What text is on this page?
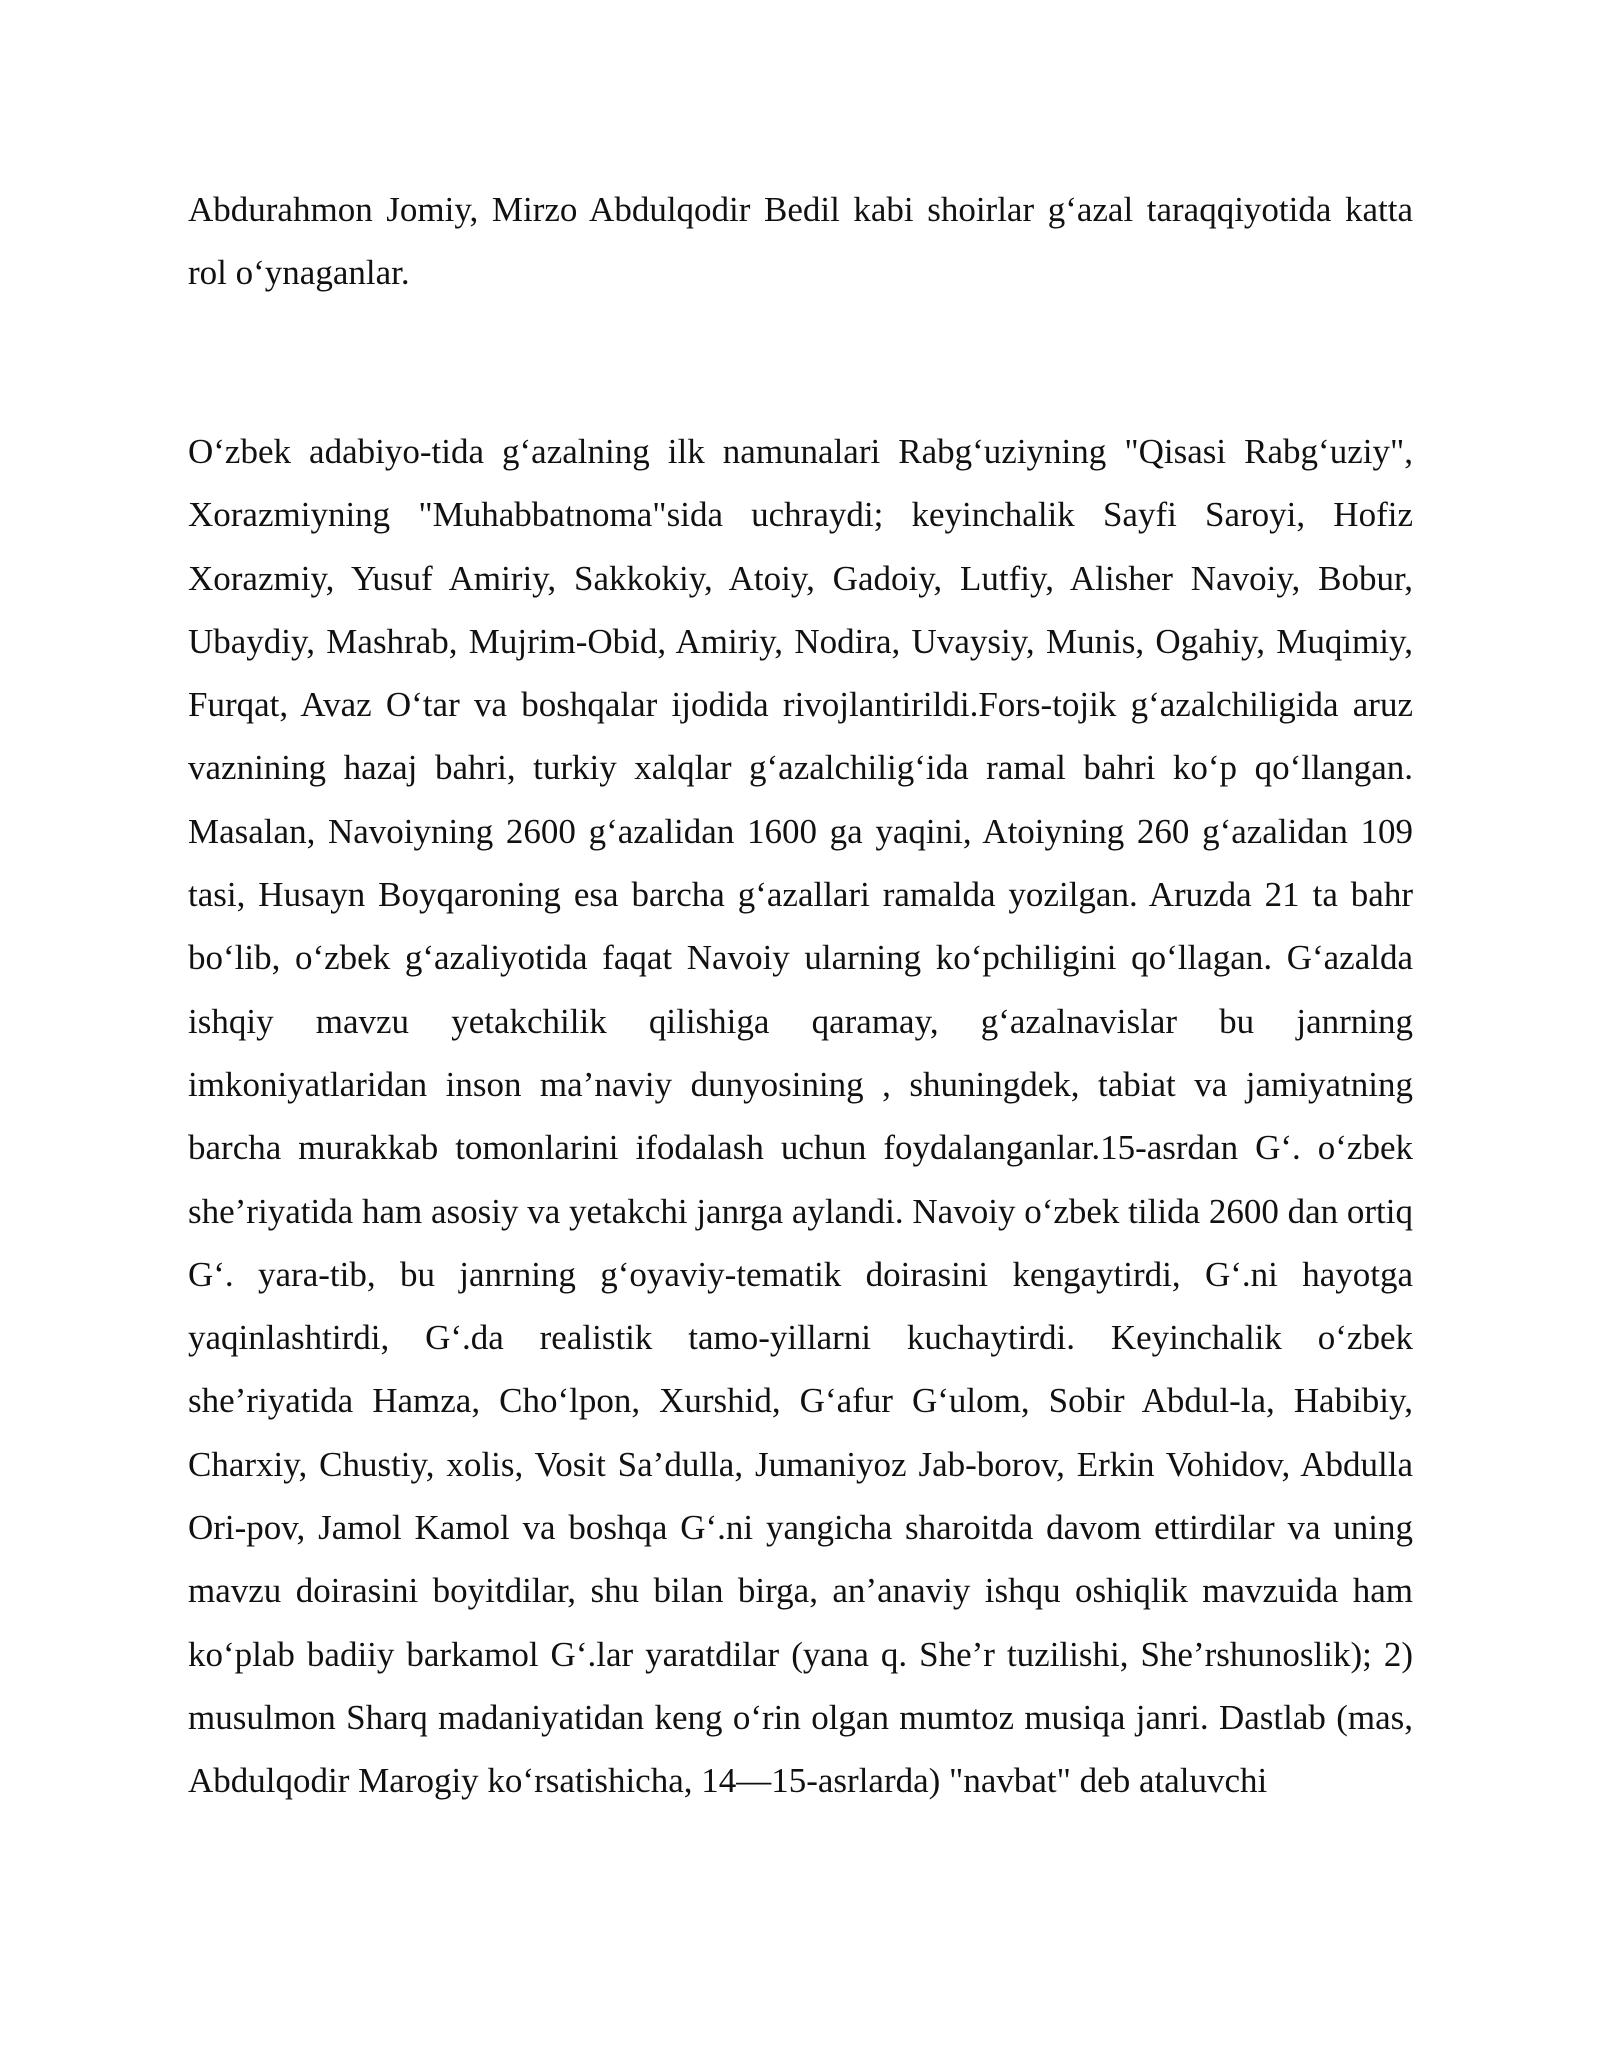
Abdurahmon Jomiy, Mirzo Abdulqodir Bedil kabi shoirlar g‘azal taraqqiyotida katta rol o‘ynaganlar.

O‘zbek adabiyo-tida g‘azalning ilk namunalari Rabg‘uziyning "Qisasi Rabg‘uziy", Xorazmiyning "Muhabbatnoma"sida uchraydi; keyinchalik Sayfi Saroyi, Hofiz Xorazmiy, Yusuf Amiriy, Sakkokiy, Atoiy, Gadoiy, Lutfiy, Alisher Navoiy, Bobur, Ubaydiy, Mashrab, Mujrim-Obid, Amiriy, Nodira, Uvaysiy, Munis, Ogahiy, Muqimiy, Furqat, Avaz O‘tar va boshqalar ijodida rivojlantirildi.Fors-tojik g‘azalchiligida aruz vaznining hazaj bahri, turkiy xalqlar g‘azalchilig‘ida ramal bahri ko‘p qo‘llangan. Masalan, Navoiyning 2600 g‘azalidan 1600 ga yaqini, Atoiyning 260 g‘azalidan 109 tasi, Husayn Boyqaroning esa barcha g‘azallari ramalda yozilgan. Aruzda 21 ta bahr bo‘lib, o‘zbek g‘azaliyotida faqat Navoiy ularning ko‘pchiligini qo‘llagan. G‘azalda ishqiy mavzu yetakchilik qilishiga qaramay, g‘azalnavislar bu janrning imkoniyatlaridan inson ma’naviy dunyosining , shuningdek, tabiat va jamiyatning barcha murakkab tomonlarini ifodalash uchun foydalanganlar.15-asrdan G‘. o‘zbek she’riyatida ham asosiy va yetakchi janrga aylandi. Navoiy o‘zbek tilida 2600 dan ortiq G‘. yara-tib, bu janrning g‘oyaviy-tematik doirasini kengaytirdi, G‘.ni hayotga yaqinlashtirdi, G‘.da realistik tamo-yillarni kuchaytirdi. Keyinchalik o‘zbek she’riyatida Hamza, Cho‘lpon, Xurshid, G‘afur G‘ulom, Sobir Abdul-la, Habibiy, Charxiy, Chustiy, xolis, Vosit Sa’dulla, Jumaniyoz Jab-borov, Erkin Vohidov, Abdulla Ori-pov, Jamol Kamol va boshqa G‘.ni yangicha sharoitda davom ettirdilar va uning mavzu doirasini boyitdilar, shu bilan birga, an’anaviy ishqu oshiqlik mavzuida ham ko‘plab badiiy barkamol G‘.lar yaratdilar (yana q. She’r tuzilishi, She’rshunoslik); 2) musulmon Sharq madaniyatidan keng o‘rin olgan mumtoz musiqa janri. Dastlab (mas, Abdulqodir Marogiy ko‘rsatishicha, 14—15-asrlarda) "navbat" deb ataluvchi
